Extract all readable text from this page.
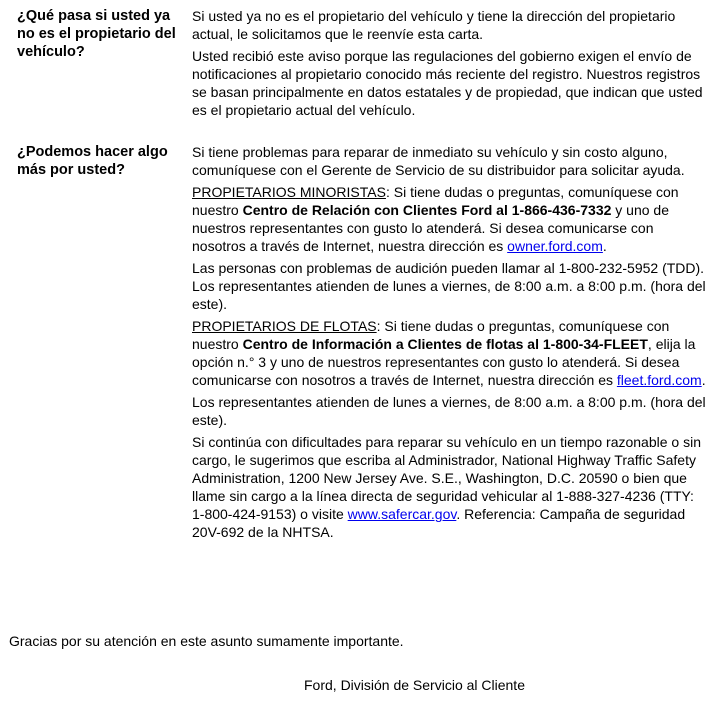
¿Qué pasa si usted ya no es el propietario del vehículo?

Si usted ya no es el propietario del vehículo y tiene la dirección del propietario actual, le solicitamos que le reenvíe esta carta.

Usted recibió este aviso porque las regulaciones del gobierno exigen el envío de notificaciones al propietario conocido más reciente del registro. Nuestros registros se basan principalmente en datos estatales y de propiedad, que indican que usted es el propietario actual del vehículo.

¿Podemos hacer algo más por usted?

Si tiene problemas para reparar de inmediato su vehículo y sin costo alguno, comuníquese con el Gerente de Servicio de su distribuidor para solicitar ayuda.

PROPIETARIOS MINORISTAS: Si tiene dudas o preguntas, comuníquese con nuestro Centro de Relación con Clientes Ford al 1-866-436-7332 y uno de nuestros representantes con gusto lo atenderá. Si desea comunicarse con nosotros a través de Internet, nuestra dirección es owner.ford.com.

Las personas con problemas de audición pueden llamar al 1-800-232-5952 (TDD). Los representantes atienden de lunes a viernes, de 8:00 a.m. a 8:00 p.m. (hora del este).

PROPIETARIOS DE FLOTAS: Si tiene dudas o preguntas, comuníquese con nuestro Centro de Información a Clientes de flotas al 1-800-34-FLEET, elija la opción n.° 3 y uno de nuestros representantes con gusto lo atenderá. Si desea comunicarse con nosotros a través de Internet, nuestra dirección es fleet.ford.com.

Los representantes atienden de lunes a viernes, de 8:00 a.m. a 8:00 p.m. (hora del este).

Si continúa con dificultades para reparar su vehículo en un tiempo razonable o sin cargo, le sugerimos que escriba al Administrador, National Highway Traffic Safety Administration, 1200 New Jersey Ave. S.E., Washington, D.C. 20590 o bien que llame sin cargo a la línea directa de seguridad vehicular al 1-888-327-4236 (TTY: 1-800-424-9153) o visite www.safercar.gov. Referencia: Campaña de seguridad 20V-692 de la NHTSA.

Gracias por su atención en este asunto sumamente importante.
Ford, División de Servicio al Cliente
